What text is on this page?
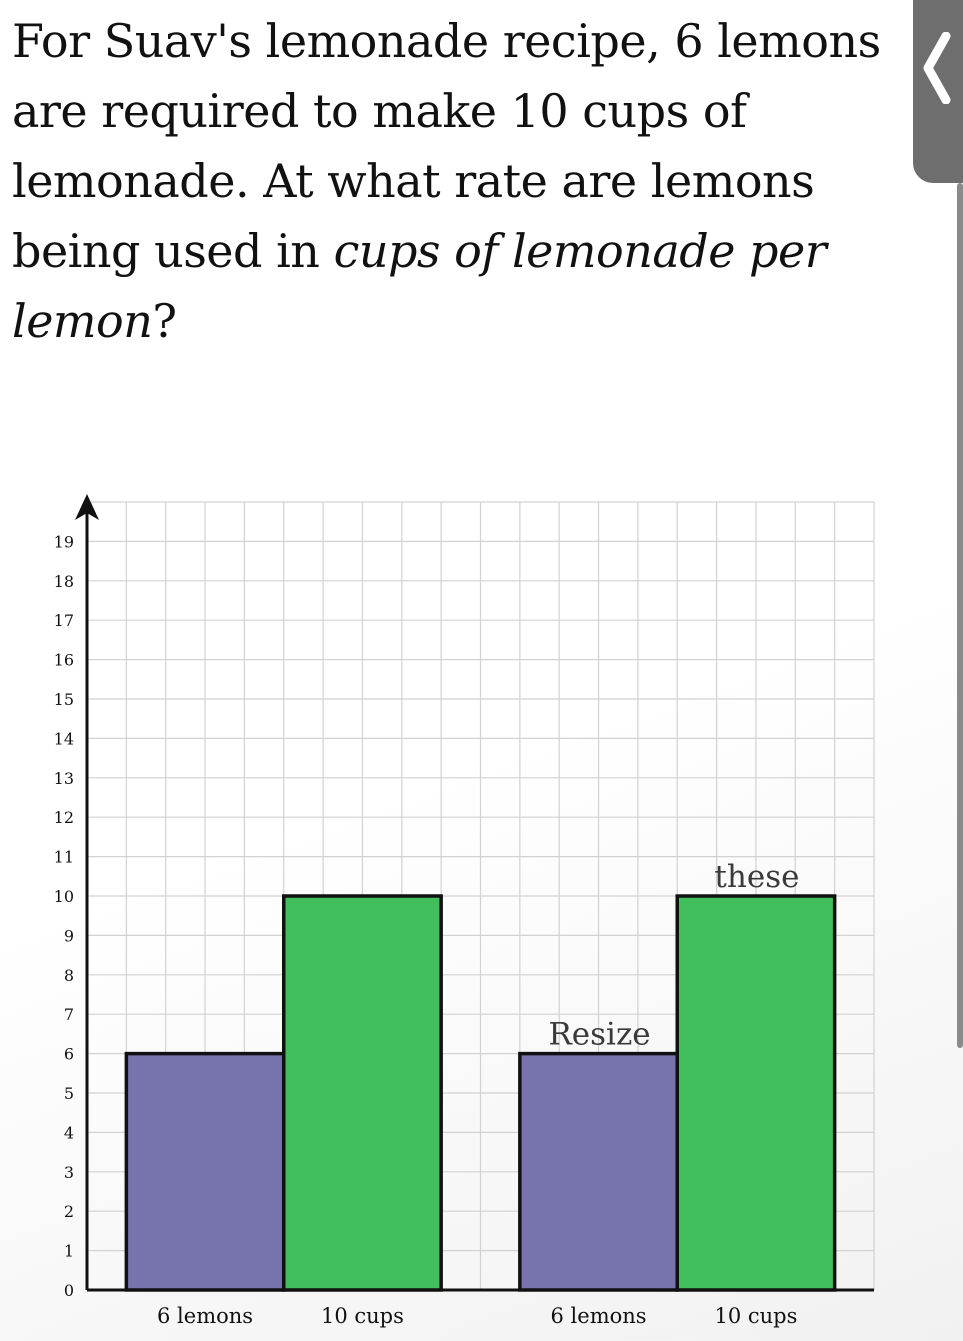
For Suav's lemonade recipe, 6 lemons are required to make 10 cups of lemonade. At what rate are lemons being used in cups of lemonade per
lemon?
0
1
2
3
4
5
6
7
8
9
10
11
12
13
14
15
16
17
18
19
6 lemons	10 cups	6 lemons	10 cups
Resize
these
